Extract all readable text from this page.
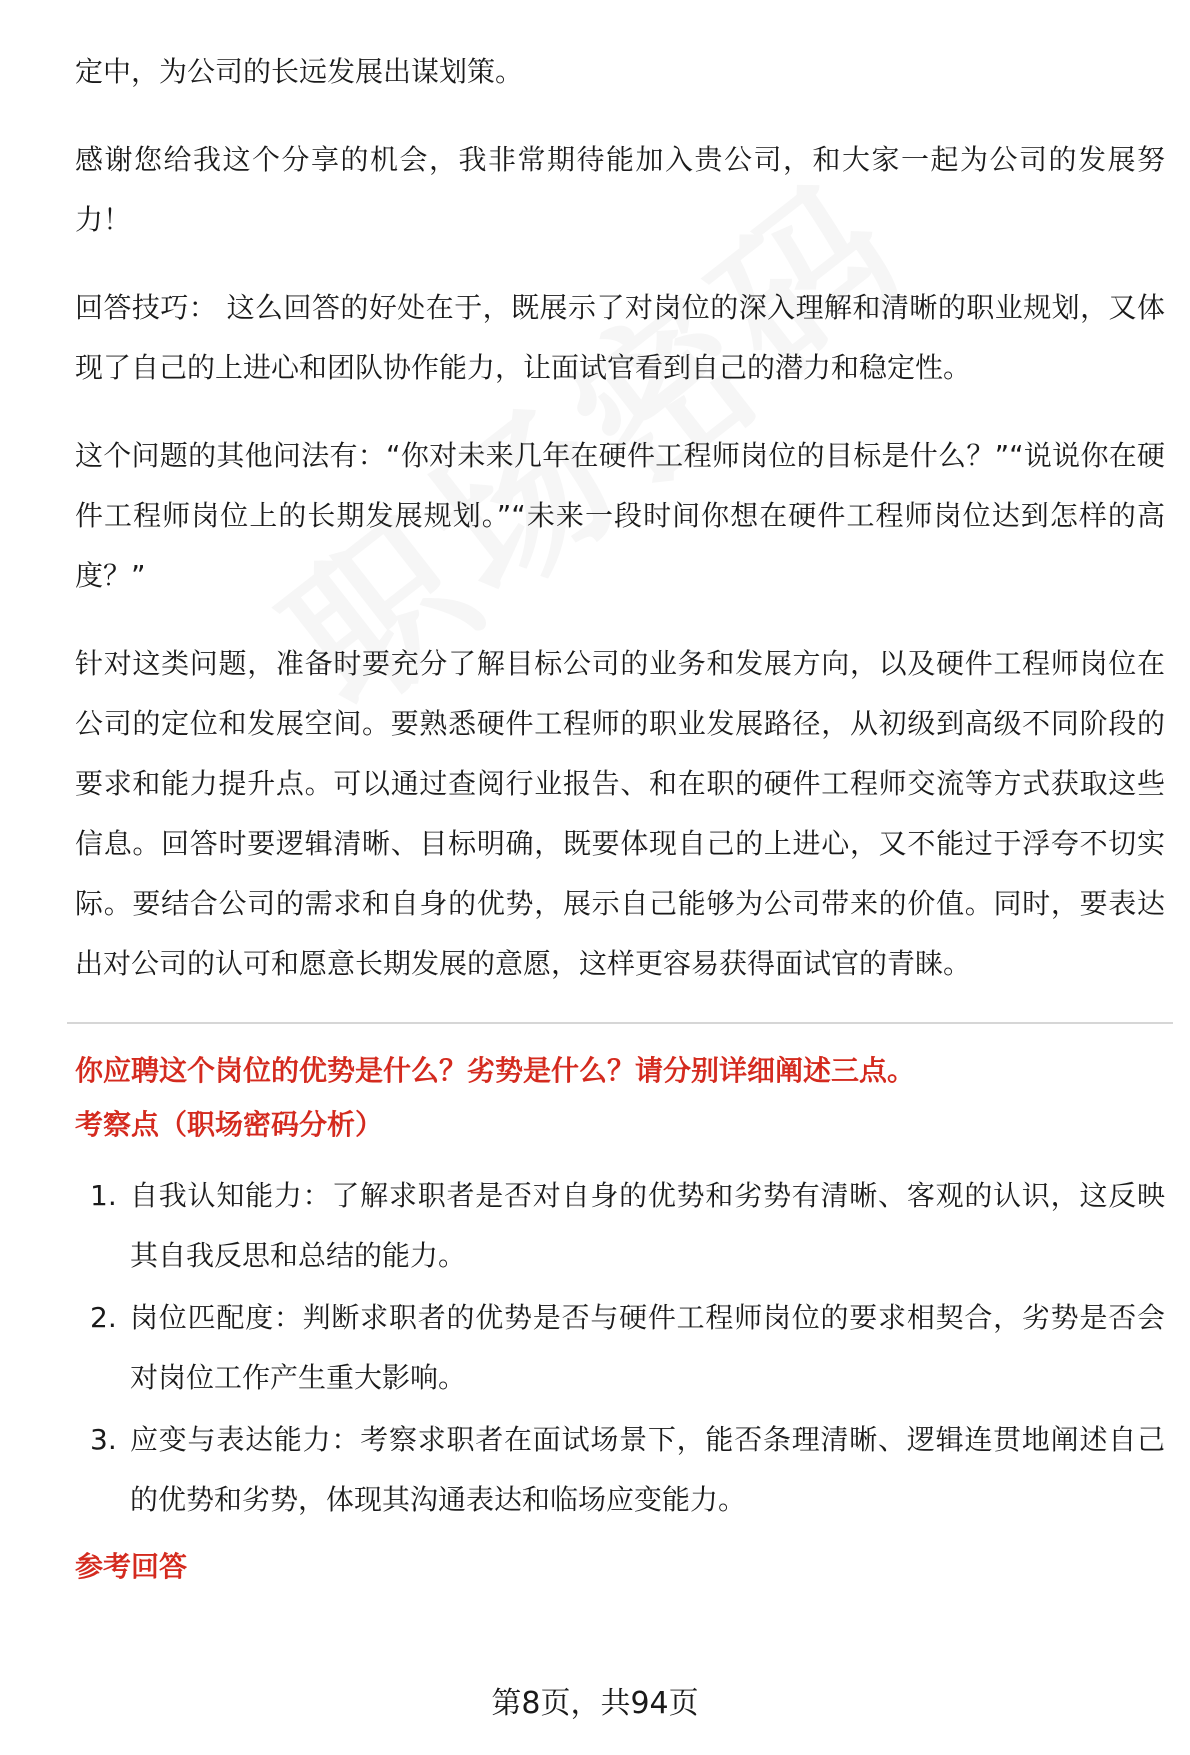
定中，为公司的长远发展出谋划策。

感谢您给我这个分享的机会，我非常期待能加入贵公司，和大家一起为公司的发展努力！

回答技巧： 这么回答的好处在于，既展示了对岗位的深入理解和清晰的职业规划，又体现了自己的上进心和团队协作能力，让面试官看到自己的潜力和稳定性。

这个问题的其他问法有：“你对未来几年在硬件工程师岗位的目标是什么？”“说说你在硬件工程师岗位上的长期发展规划。”“未来一段时间你想在硬件工程师岗位达到怎样的高度？”

针对这类问题，准备时要充分了解目标公司的业务和发展方向，以及硬件工程师岗位在公司的定位和发展空间。要熟悉硬件工程师的职业发展路径，从初级到高级不同阶段的要求和能力提升点。可以通过查阅行业报告、和在职的硬件工程师交流等方式获取这些信息。回答时要逻辑清晰、目标明确，既要体现自己的上进心，又不能过于浮夸不切实际。要结合公司的需求和自身的优势，展示自己能够为公司带来的价值。同时，要表达出对公司的认可和愿意长期发展的意愿，这样更容易获得面试官的青睐。

你应聘这个岗位的优势是什么？劣势是什么？请分别详细阐述三点。
考察点（职场密码分析）
1. 自我认知能力：了解求职者是否对自身的优势和劣势有清晰、客观的认识，这反映其自我反思和总结的能力。
2. 岗位匹配度：判断求职者的优势是否与硬件工程师岗位的要求相契合，劣势是否会对岗位工作产生重大影响。
3. 应变与表达能力：考察求职者在面试场景下，能否条理清晰、逻辑连贯地阐述自己的优势和劣势，体现其沟通表达和临场应变能力。
参考回答
第8页，共94页
